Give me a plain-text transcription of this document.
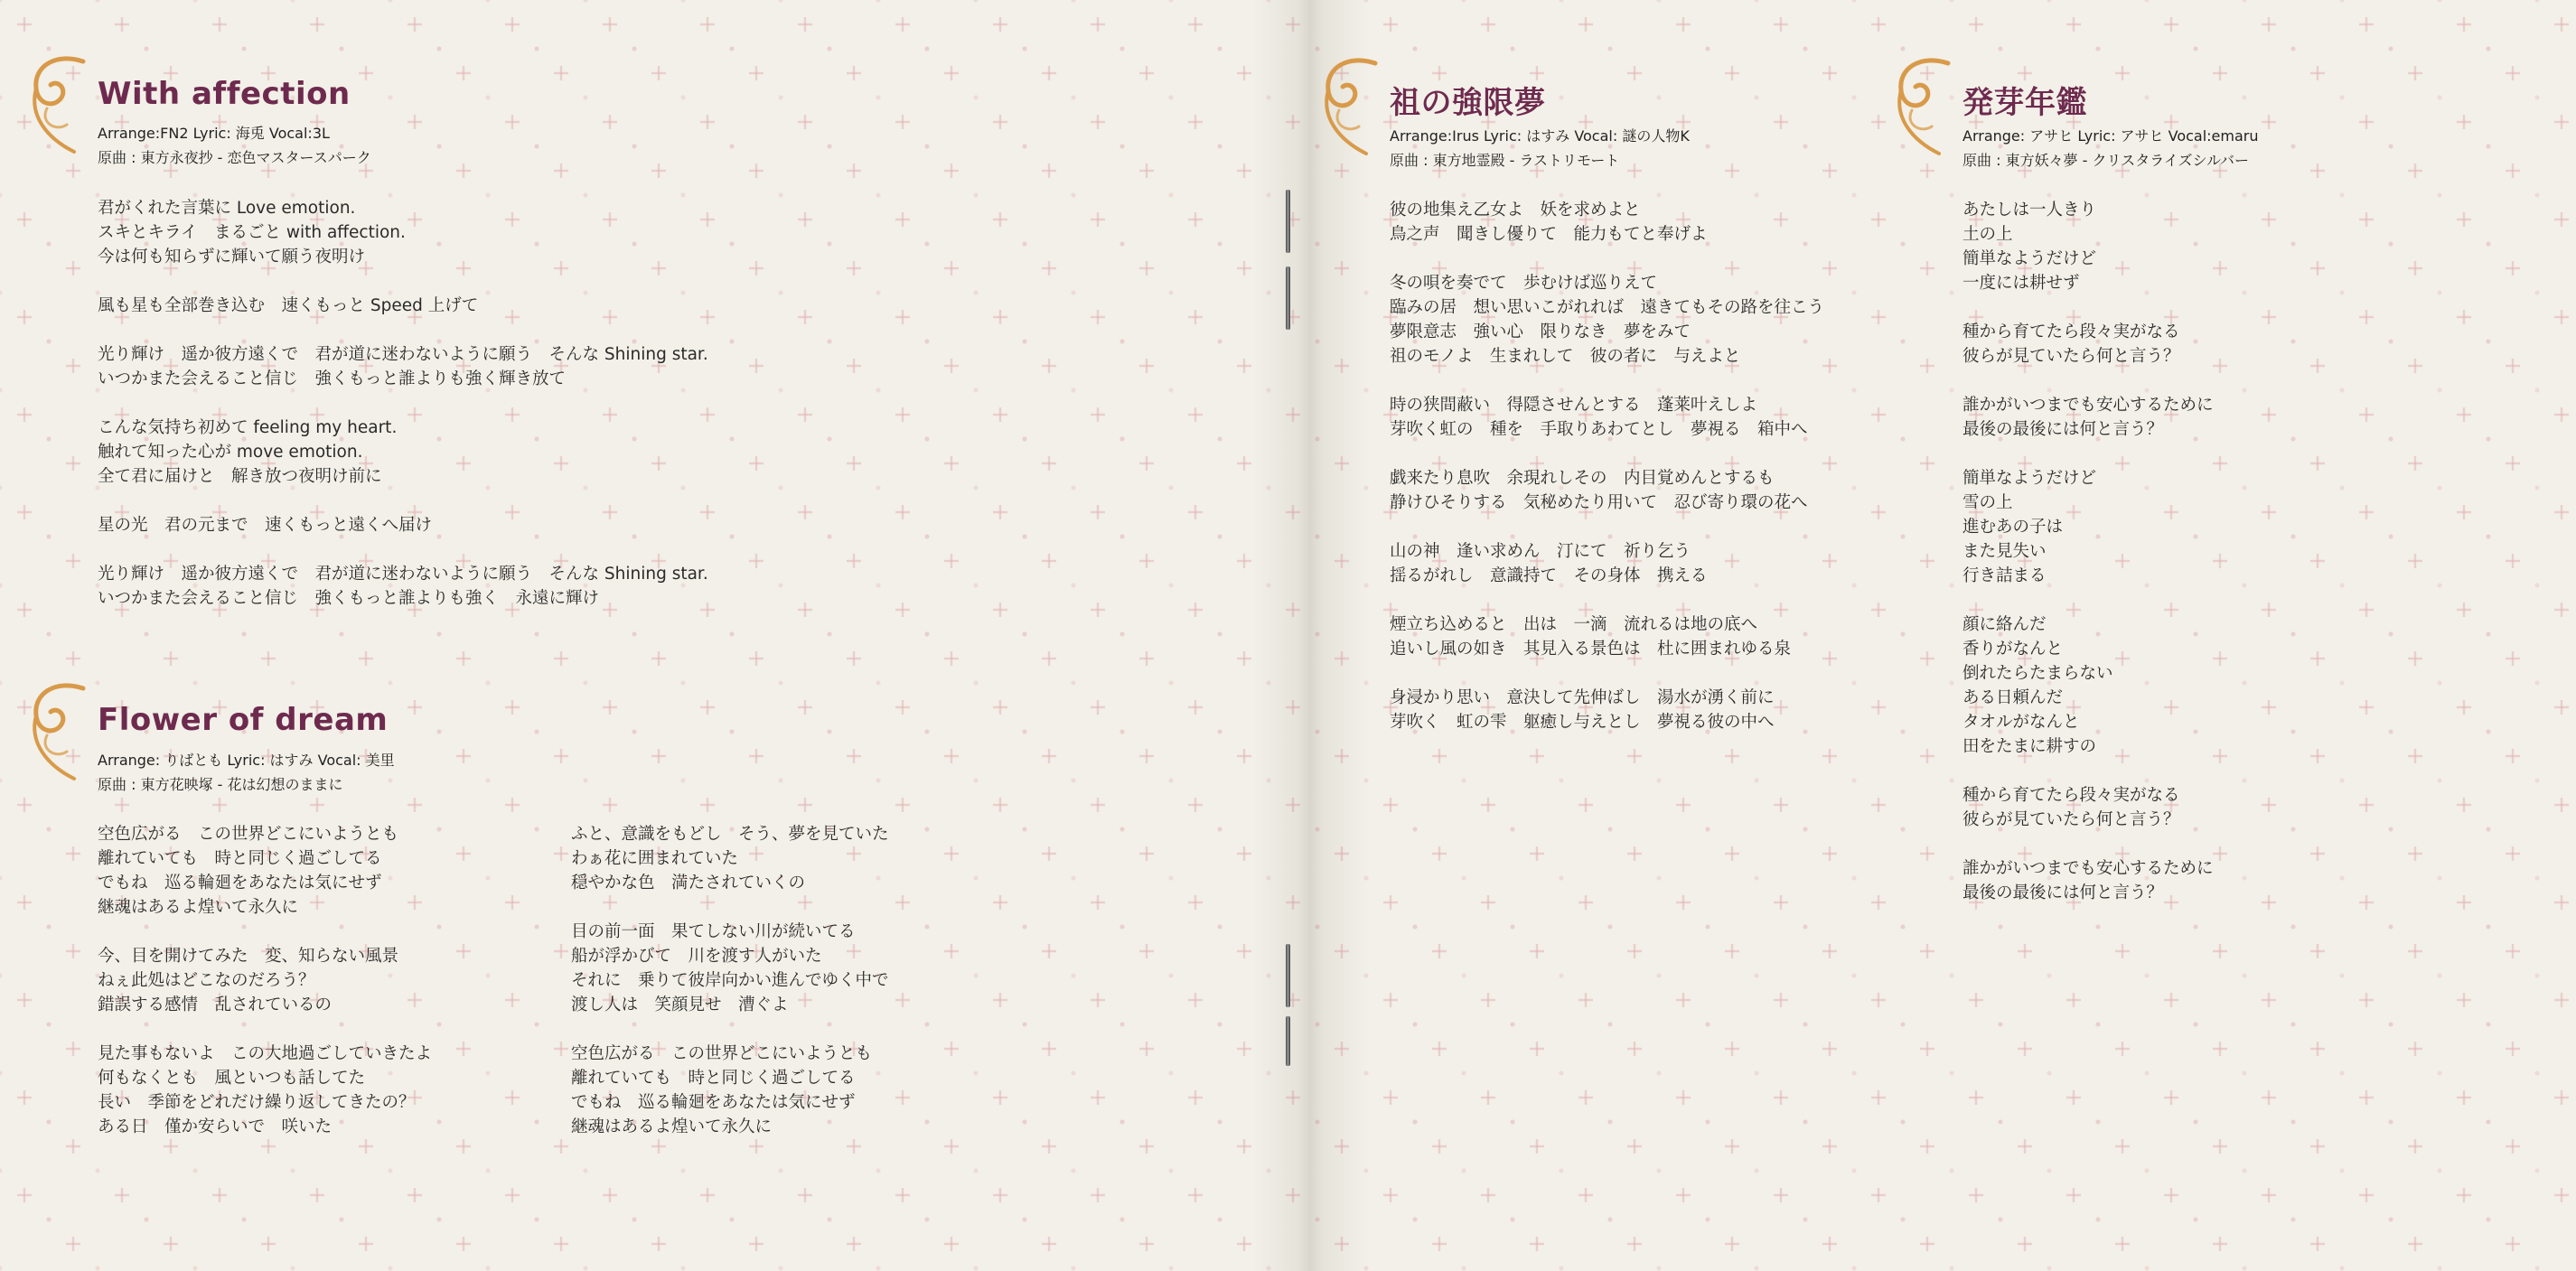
With affection
Arrange:FN2 Lyric: 海兎 Vocal:3L
原曲 : 東方永夜抄 - 恋色マスタースパーク
君がくれた言葉に Love emotion.
スキとキライ　まるごと with affection.
今は何も知らずに輝いて願う夜明け
風も星も全部巻き込む　速くもっと Speed 上げて
光り輝け　遥か彼方遠くで　君が道に迷わないように願う　そんな Shining star.
いつかまた会えること信じ　強くもっと誰よりも強く輝き放て
こんな気持ち初めて feeling my heart.
触れて知った心が move emotion.
全て君に届けと　解き放つ夜明け前に
星の光　君の元まで　速くもっと遠くへ届け
光り輝け　遥か彼方遠くで　君が道に迷わないように願う　そんな Shining star.
いつかまた会えること信じ　強くもっと誰よりも強く　永遠に輝け
Flower of dream
Arrange: りばとも Lyric: はすみ Vocal: 美里
原曲 : 東方花映塚 - 花は幻想のままに
空色広がる　この世界どこにいようとも
離れていても　時と同じく過ごしてる
でもね　巡る輪廻をあなたは気にせず
継魂はあるよ煌いて永久に
今、目を開けてみた　変、知らない風景
ねぇ此処はどこなのだろう？
錯誤する感情　乱されているの
見た事もないよ　この大地過ごしていきたよ
何もなくとも　風といつも話してた
長い　季節をどれだけ繰り返してきたの？
ある日　僅か安らいで　咲いた
ふと、意識をもどし　そう、夢を見ていた
わぁ花に囲まれていた
穏やかな色　満たされていくの
目の前一面　果てしない川が続いてる
船が浮かびて　川を渡す人がいた
それに　乗りて彼岸向かい進んでゆく中で
渡し人は　笑顔見せ　漕ぐよ
空色広がる　この世界どこにいようとも
離れていても　時と同じく過ごしてる
でもね　巡る輪廻をあなたは気にせず
継魂はあるよ煌いて永久に
祖の強限夢
Arrange:Irus Lyric: はすみ Vocal: 謎の人物K
原曲 : 東方地霊殿 - ラストリモート
彼の地集え乙女よ　妖を求めよと
鳥之声　聞きし優りて　能力もてと奉げよ
冬の唄を奏でて　歩むけば巡りえて
臨みの居　想い思いこがれれば　遠きてもその路を往こう
夢限意志　強い心　限りなき　夢をみて
祖のモノよ　生まれして　彼の者に　与えよと
時の狭間蔽い　得隠させんとする　蓬莱叶えしよ
芽吹く虹の　種を　手取りあわてとし　夢視る　箱中へ
戯来たり息吹　余現れしその　内目覚めんとするも
静けひそりする　気秘めたり用いて　忍び寄り環の花へ
山の神　逢い求めん　汀にて　祈り乞う
揺るがれし　意識持て　その身体　携える
煙立ち込めると　出は　一滴　流れるは地の底へ
追いし風の如き　其見入る景色は　杜に囲まれゆる泉
身浸かり思い　意決して先伸ばし　湯水が湧く前に
芽吹く　虹の雫　躯癒し与えとし　夢視る彼の中へ
発芽年鑑
Arrange: アサヒ Lyric: アサヒ Vocal:emaru
原曲 : 東方妖々夢 - クリスタライズシルバー
あたしは一人きり
土の上
簡単なようだけど
一度には耕せず
種から育てたら段々実がなる
彼らが見ていたら何と言う？
誰かがいつまでも安心するために
最後の最後には何と言う？
簡単なようだけど
雪の上
進むあの子は
また見失い
行き詰まる
顔に絡んだ
香りがなんと
倒れたらたまらない
ある日頼んだ
タオルがなんと
田をたまに耕すの
種から育てたら段々実がなる
彼らが見ていたら何と言う？
誰かがいつまでも安心するために
最後の最後には何と言う？
